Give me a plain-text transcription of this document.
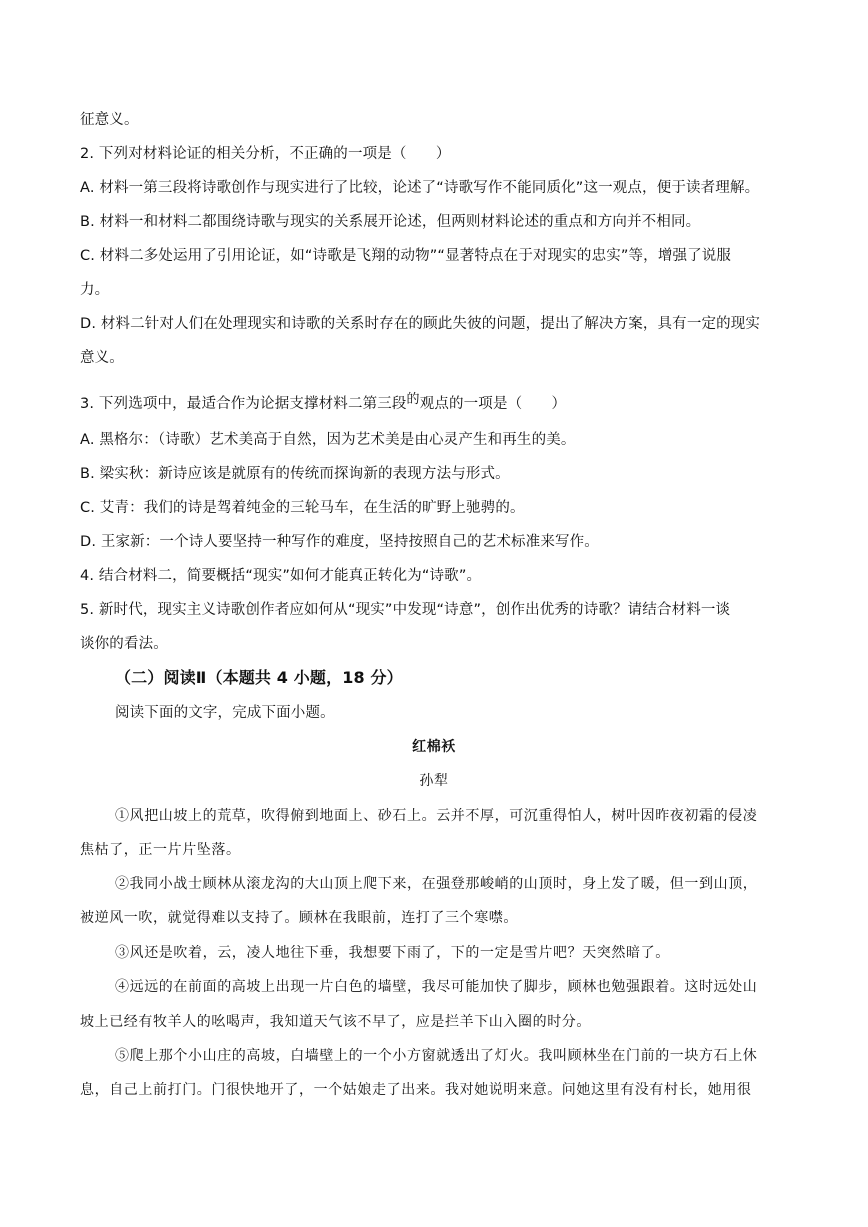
征意义。
2. 下列对材料论证的相关分析，不正确的一项是（　　）
A. 材料一第三段将诗歌创作与现实进行了比较，论述了“诗歌写作不能同质化”这一观点，便于读者理解。
B. 材料一和材料二都围绕诗歌与现实的关系展开论述，但两则材料论述的重点和方向并不相同。
C. 材料二多处运用了引用论证，如“诗歌是飞翔的动物”“显著特点在于对现实的忠实”等，增强了说服
力。
D. 材料二针对人们在处理现实和诗歌的关系时存在的顾此失彼的问题，提出了解决方案，具有一定的现实
意义。
3. 下列选项中，最适合作为论据支撑材料二第三段的观点的一项是（　　）
A. 黑格尔：（诗歌）艺术美高于自然，因为艺术美是由心灵产生和再生的美。
B. 梁实秋：新诗应该是就原有的传统而探询新的表现方法与形式。
C. 艾青：我们的诗是驾着纯金的三轮马车，在生活的旷野上驰骋的。
D. 王家新：一个诗人要坚持一种写作的难度，坚持按照自己的艺术标准来写作。
4. 结合材料二，简要概括“现实”如何才能真正转化为“诗歌”。
5. 新时代，现实主义诗歌创作者应如何从“现实”中发现“诗意”，创作出优秀的诗歌？请结合材料一谈
谈你的看法。
（二）阅读Ⅱ（本题共 4 小题，18 分）
阅读下面的文字，完成下面小题。
红棉袄
孙犁
①风把山坡上的荒草，吹得俯到地面上、砂石上。云并不厚，可沉重得怕人，树叶因昨夜初霜的侵凌
焦枯了，正一片片坠落。
②我同小战士顾林从滚龙沟的大山顶上爬下来，在强登那峻峭的山顶时，身上发了暖，但一到山顶，
被逆风一吹，就觉得难以支持了。顾林在我眼前，连打了三个寒噤。
③风还是吹着，云，凌人地往下垂，我想要下雨了，下的一定是雪片吧？天突然暗了。
④远远的在前面的高坡上出现一片白色的墙壁，我尽可能加快了脚步，顾林也勉强跟着。这时远处山
坡上已经有牧羊人的吆喝声，我知道天气该不早了，应是拦羊下山入圈的时分。
⑤爬上那个小山庄的高坡，白墙壁上的一个小方窗就透出了灯火。我叫顾林坐在门前的一块方石上休
息，自己上前打门。门很快地开了，一个姑娘走了出来。我对她说明来意。问她这里有没有村长，她用很
